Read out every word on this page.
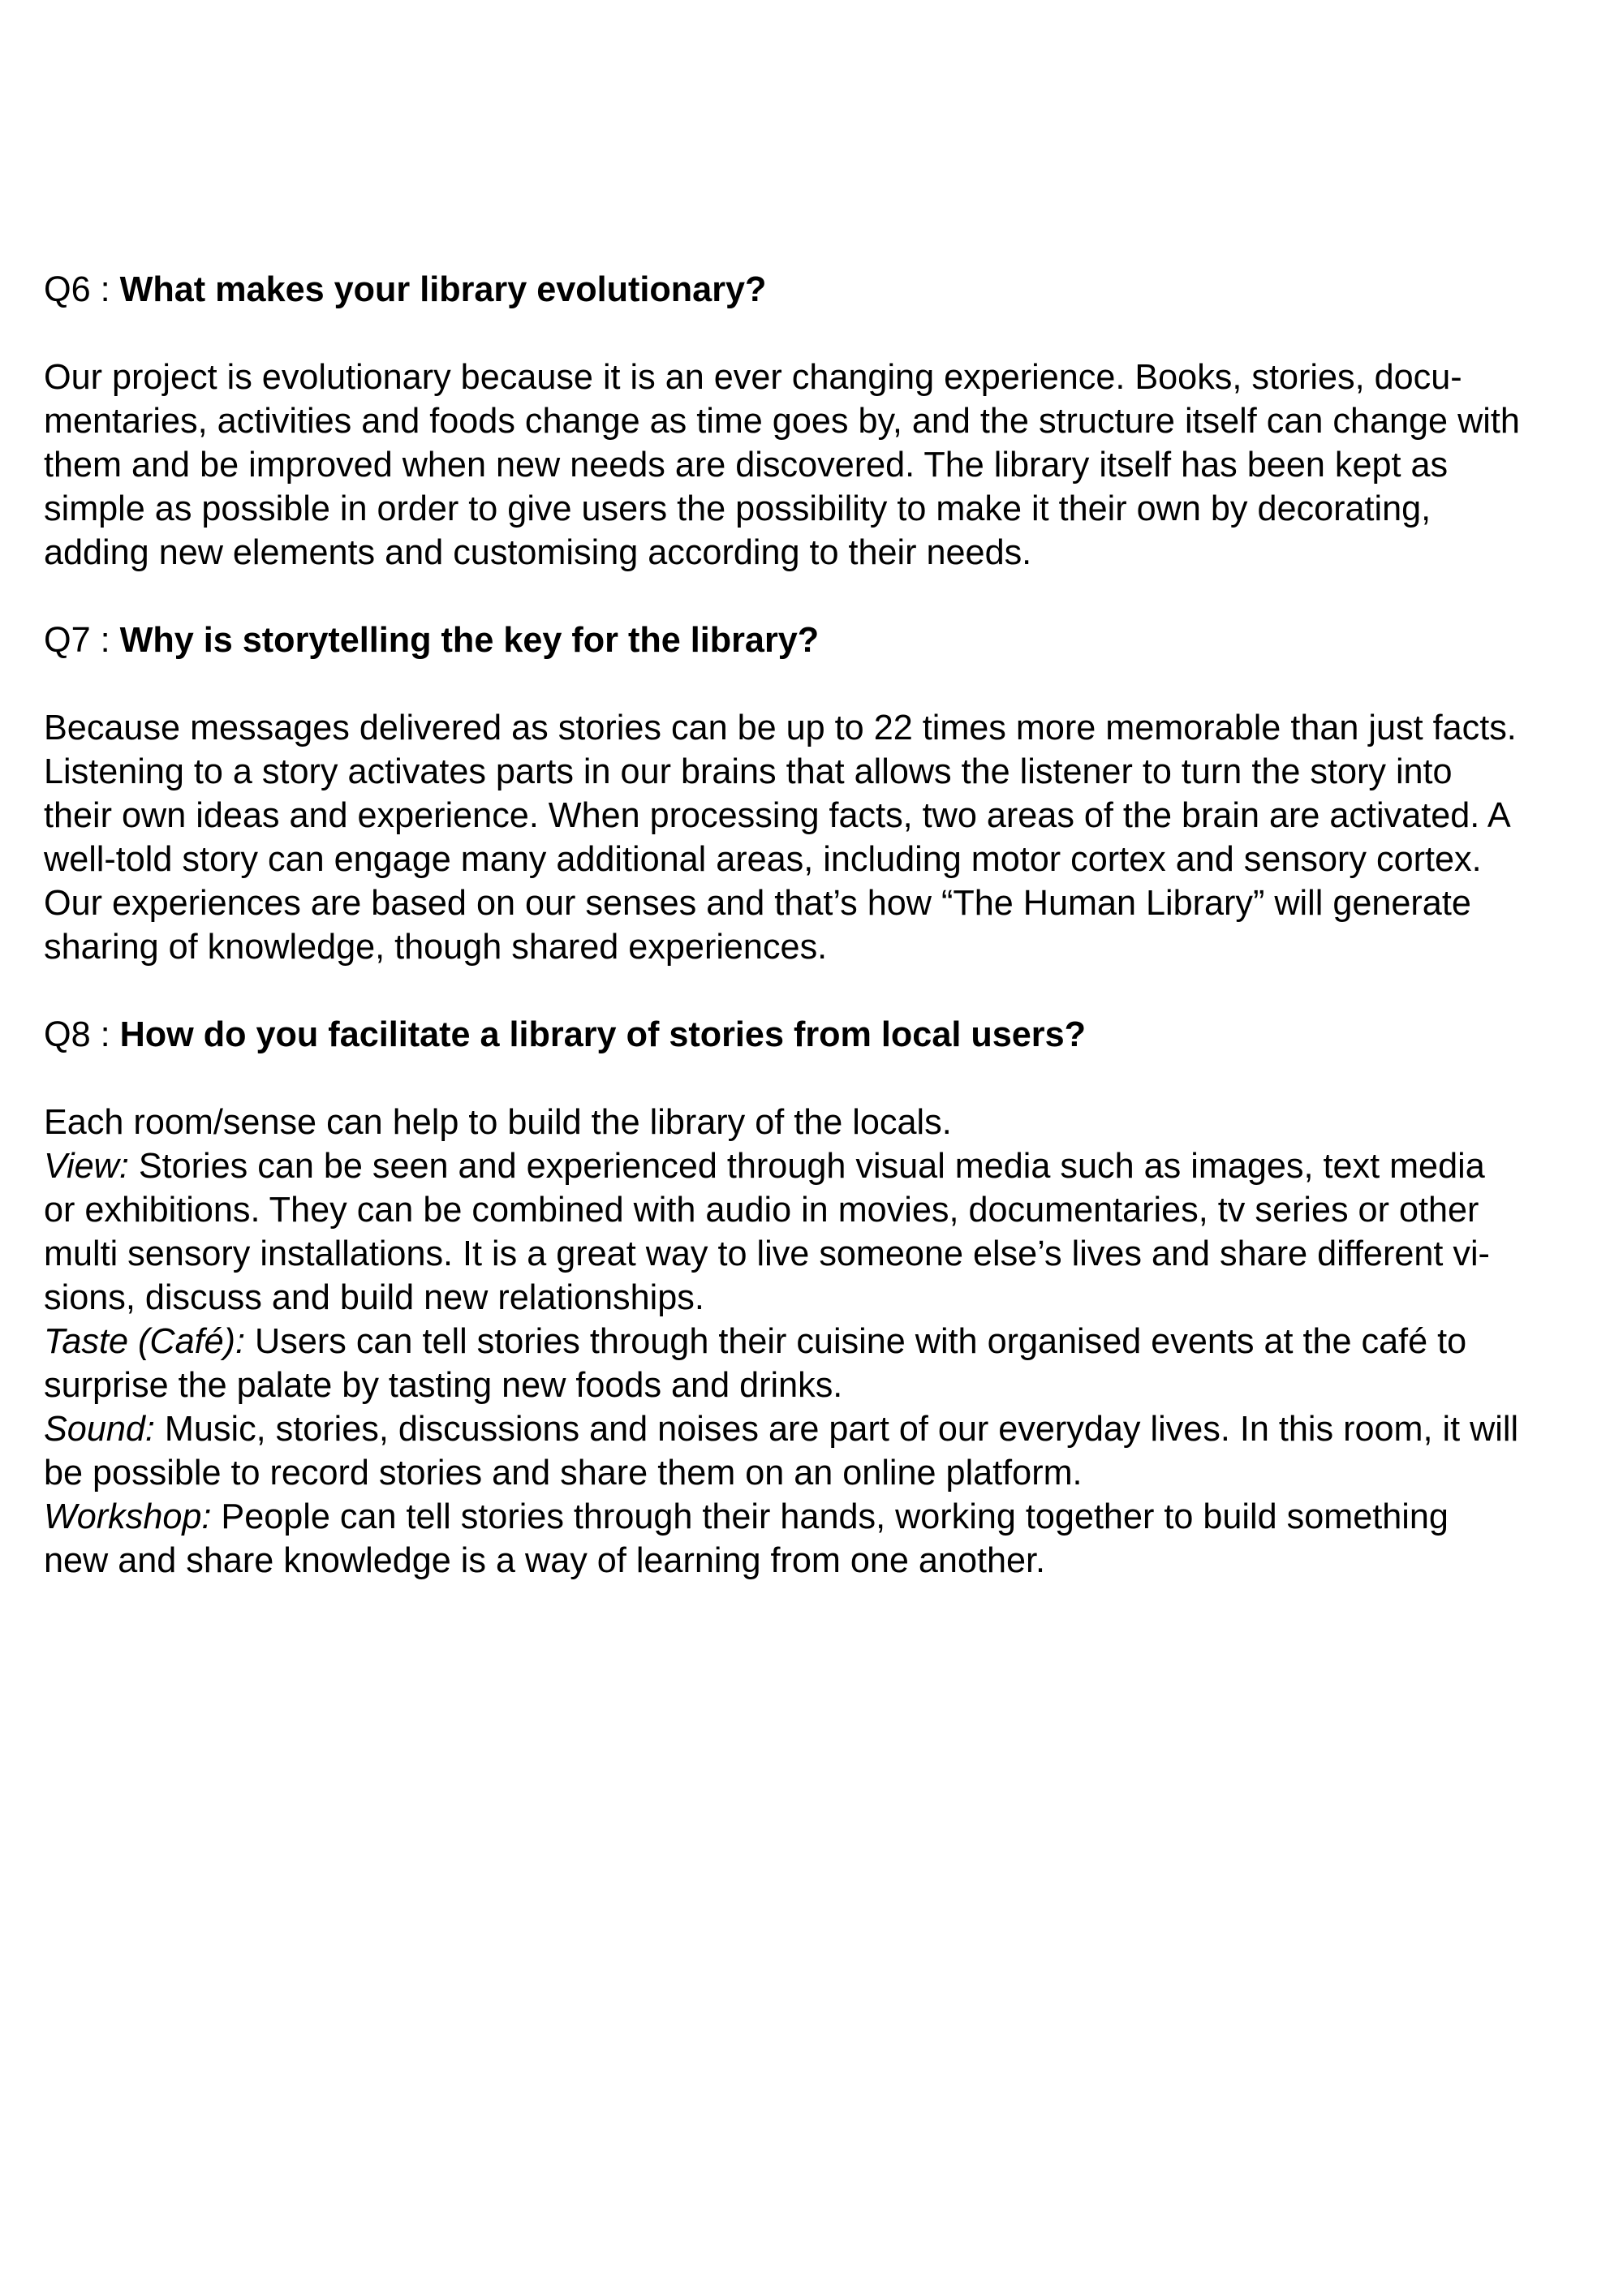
Q6 : What makes your library evolutionary?
Our project is evolutionary because it is an ever changing experience. Books, stories, docu-
mentaries, activities and foods change as time goes by, and the structure itself can change with
them and be improved when new needs are discovered. The library itself has been kept as
simple as possible in order to give users the possibility to make it their own by decorating,
adding new elements and customising according to their needs.
Q7 : Why is storytelling the key for the library?
Because messages delivered as stories can be up to 22 times more memorable than just facts.
Listening to a story activates parts in our brains that allows the listener to turn the story into
their own ideas and experience. When processing facts, two areas of the brain are activated. A
well-told story can engage many additional areas, including motor cortex and sensory cortex.
Our experiences are based on our senses and that’s how “The Human Library” will generate
sharing of knowledge, though shared experiences.
Q8 : How do you facilitate a library of stories from local users?
Each room/sense can help to build the library of the locals.
View: Stories can be seen and experienced through visual media such as images, text media
or exhibitions. They can be combined with audio in movies, documentaries, tv series or other
multi sensory installations. It is a great way to live someone else’s lives and share different vi-
sions, discuss and build new relationships.
Taste (Café): Users can tell stories through their cuisine with organised events at the café to
surprise the palate by tasting new foods and drinks.
Sound: Music, stories, discussions and noises are part of our everyday lives. In this room, it will
be possible to record stories and share them on an online platform.
Workshop: People can tell stories through their hands, working together to build something
new and share knowledge is a way of learning from one another.
